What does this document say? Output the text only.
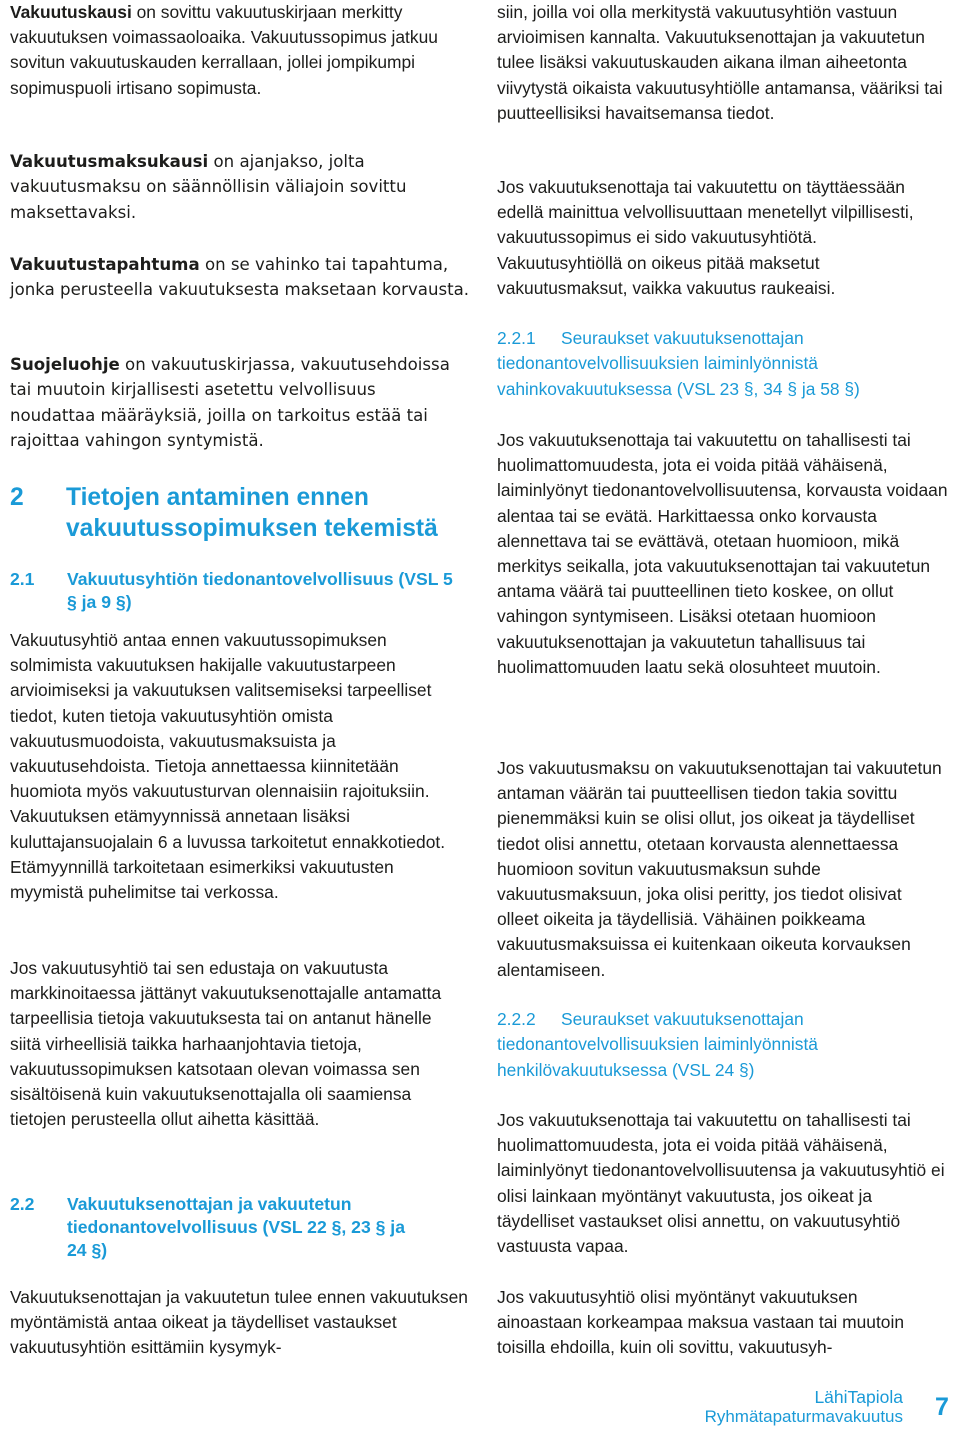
Vakuutuskausi on sovittu vakuutuskirjaan merkitty vakuutuksen voimassaoloaika. Vakuutussopimus jatkuu sovitun vakuutuskauden kerrallaan, jollei jompikumpi sopimuspuoli irtisano sopimusta.

Vakuutusmaksukausi on ajanjakso, jolta vakuutusmaksu on säännöllisin väliajoin sovittu maksettavaksi.

Vakuutustapahtuma on se vahinko tai tapahtuma, jonka perusteella vakuutuksesta maksetaan korvausta.

Suojeluohje on vakuutuskirjassa, vakuutusehdoissa tai muutoin kirjallisesti asetettu velvollisuus noudattaa määräyksiä, joilla on tarkoitus estää tai rajoittaa vahingon syntymistä.

2 Tietojen antaminen ennen vakuutussopimuksen tekemistä
2.1 Vakuutusyhtiön tiedonantovelvollisuus (VSL 5 § ja 9 §)

Vakuutusyhtiö antaa ennen vakuutussopimuksen solmimista vakuutuksen hakijalle vakuutustarpeen arvioimiseksi ja vakuutuksen valitsemiseksi tarpeelliset tiedot, kuten tietoja vakuutusyhtiön omista vakuutusmuodoista, vakuutusmaksuista ja vakuutusehdoista. Tietoja annettaessa kiinnitetään huomiota myös vakuutusturvan olennaisiin rajoituksiin. Vakuutuksen etämyynnissä annetaan lisäksi kuluttajansuojalain 6 a luvussa tarkoitetut ennakkotiedot. Etämyynnillä tarkoitetaan esimerkiksi vakuutusten myymistä puhelimitse tai verkossa.

Jos vakuutusyhtiö tai sen edustaja on vakuutusta markkinoitaessa jättänyt vakuutuksenottajalle antamatta tarpeellisia tietoja vakuutuksesta tai on antanut hänelle siitä virheellisiä taikka harhaanjohtavia tietoja, vakuutussopimuksen katsotaan olevan voimassa sen sisältöisenä kuin vakuutuksenottajalla oli saamiensa tietojen perusteella ollut aihetta käsittää.

2.2 Vakuutuksenottajan ja vakuutetun tiedonantovelvollisuus (VSL 22 §, 23 § ja 24 §)

Vakuutuksenottajan ja vakuutetun tulee ennen vakuutuksen myöntämistä antaa oikeat ja täydelliset vastaukset vakuutusyhtiön esittämiin kysymyk-

siin, joilla voi olla merkitystä vakuutusyhtiön vastuun arvioimisen kannalta. Vakuutuksenottajan ja vakuutetun tulee lisäksi vakuutuskauden aikana ilman aiheetonta viivytystä oikaista vakuutusyhtiölle antamansa, vääriksi tai puutteellisiksi havaitsemansa tiedot.

Jos vakuutuksenottaja tai vakuutettu on täyttäessään edellä mainittua velvollisuuttaan menetellyt vilpillisesti, vakuutussopimus ei sido vakuutusyhtiötä. Vakuutusyhtiöllä on oikeus pitää maksetut vakuutusmaksut, vaikka vakuutus raukeaisi.

2.2.1 Seuraukset vakuutuksenottajan tiedonantovelvollisuuksien laiminlyönnistä vahinkovakuutuksessa (VSL 23 §, 34 § ja 58 §)

Jos vakuutuksenottaja tai vakuutettu on tahallisesti tai huolimattomuudesta, jota ei voida pitää vähäisenä, laiminlyönyt tiedonantovelvollisuutensa, korvausta voidaan alentaa tai se evätä. Harkittaessa onko korvausta alennettava tai se evättävä, otetaan huomioon, mikä merkitys seikalla, jota vakuutuksenottajan tai vakuutetun antama väärä tai puutteellinen tieto koskee, on ollut vahingon syntymiseen. Lisäksi otetaan huomioon vakuutuksenottajan ja vakuutetun tahallisuus tai huolimattomuuden laatu sekä olosuhteet muutoin.

Jos vakuutusmaksu on vakuutuksenottajan tai vakuutetun antaman väärän tai puutteellisen tiedon takia sovittu pienemmäksi kuin se olisi ollut, jos oikeat ja täydelliset tiedot olisi annettu, otetaan korvausta alennettaessa huomioon sovitun vakuutusmaksun suhde vakuutusmaksuun, joka olisi peritty, jos tiedot olisivat olleet oikeita ja täydellisiä. Vähäinen poikkeama vakuutusmaksuissa ei kuitenkaan oikeuta korvauksen alentamiseen.

2.2.2 Seuraukset vakuutuksenottajan tiedonantovelvollisuuksien laiminlyönnistä henkilövakuutuksessa (VSL 24 §)

Jos vakuutuksenottaja tai vakuutettu on tahallisesti tai huolimattomuudesta, jota ei voida pitää vähäisenä, laiminlyönyt tiedonantovelvollisuutensa ja vakuutusyhtiö ei olisi lainkaan myöntänyt vakuutusta, jos oikeat ja täydelliset vastaukset olisi annettu, on vakuutusyhtiö vastuusta vapaa.

Jos vakuutusyhtiö olisi myöntänyt vakuutuksen ainoastaan korkeampaa maksua vastaan tai muutoin toisilla ehdoilla, kuin oli sovittu, vakuutusyh-

LähiTapiola
Ryhmätapaturmavakuutus 7
